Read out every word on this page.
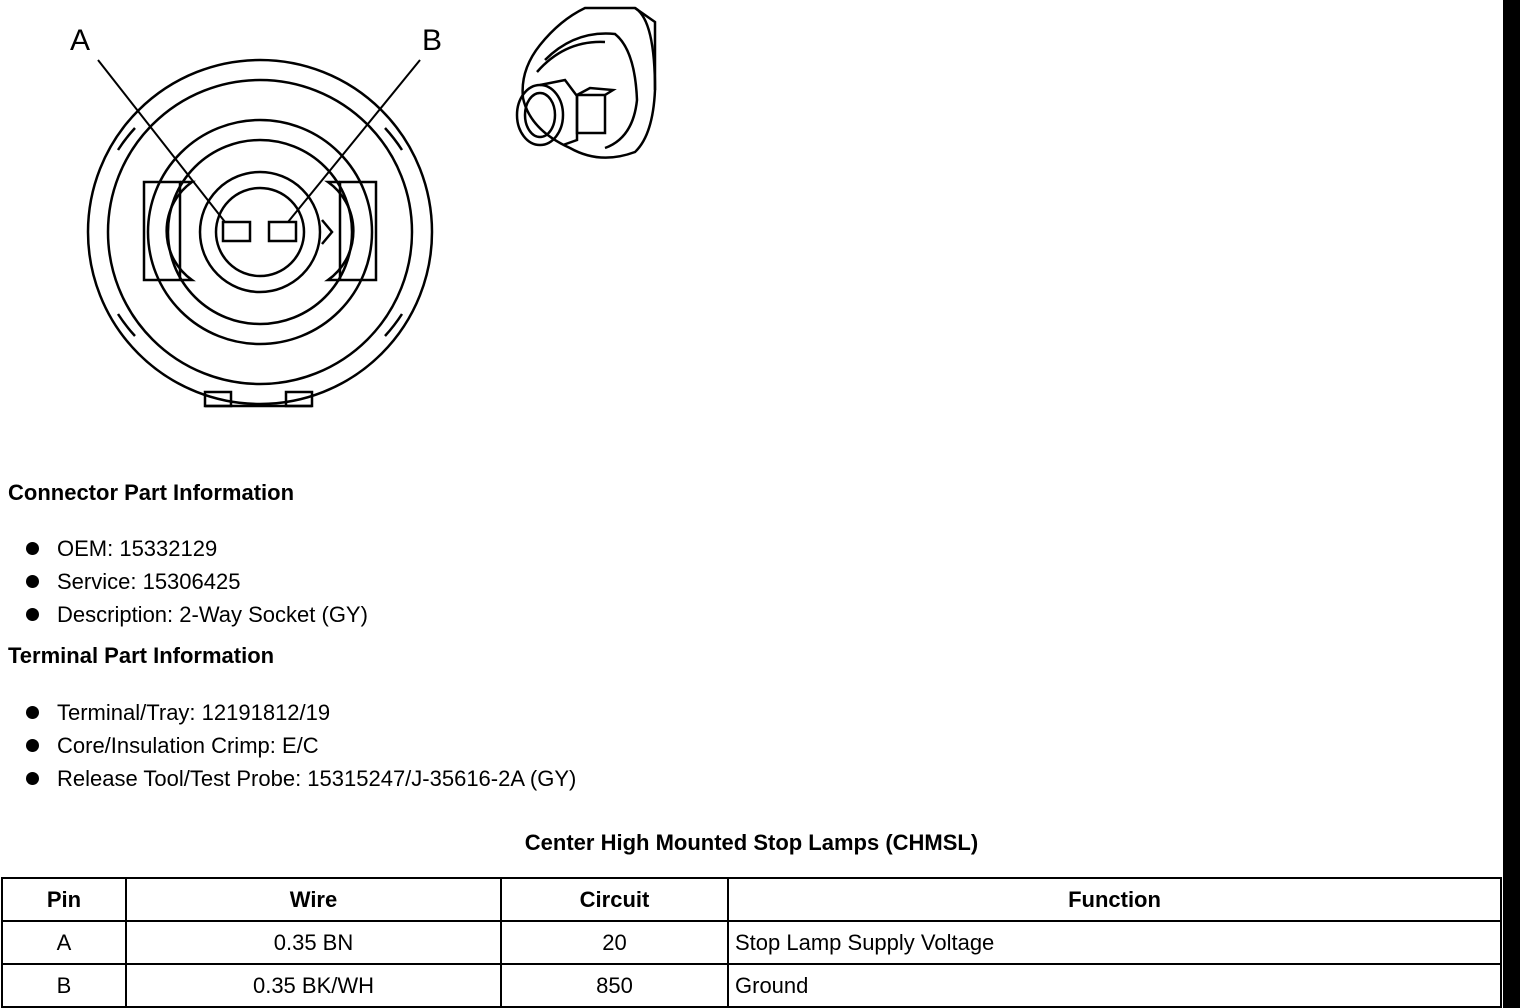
A	B
Connector Part Information
OEM: 15332129
Service: 15306425
Description: 2-Way Socket (GY)
Terminal Part Information
Terminal/Tray: 12191812/19
Core/Insulation Crimp: E/C
Release Tool/Test Probe: 15315247/J-35616-2A (GY)
Center High Mounted Stop Lamps (CHMSL)
Pin	Wire	Circuit	Function
A	0.35 BN	20	Stop Lamp Supply Voltage
B	0.35 BK/WH	850	Ground
